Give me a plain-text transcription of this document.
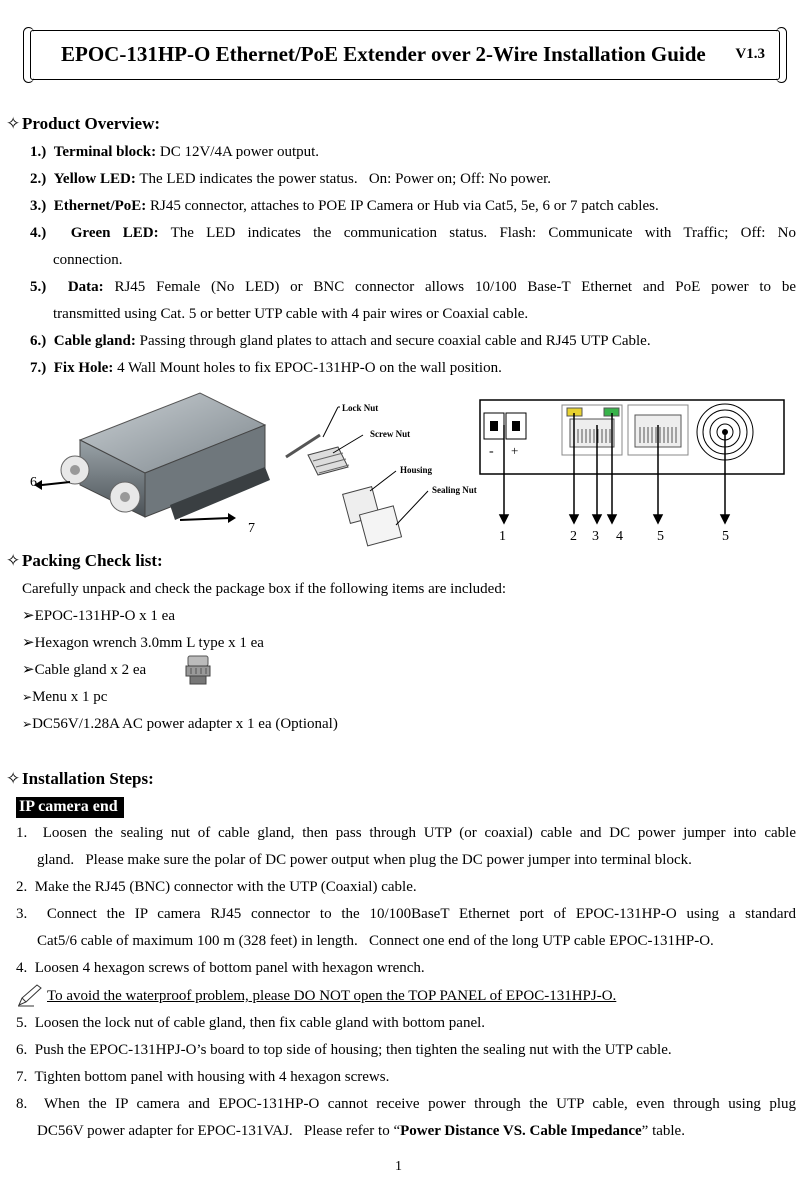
EPOC-131HP-O Ethernet/PoE Extender over 2-Wire Installation Guide V1.3
✧ Product Overview:
1.) Terminal block: DC 12V/4A power output.
2.) Yellow LED: The LED indicates the power status.   On: Power on; Off: No power.
3.) Ethernet/PoE: RJ45 connector, attaches to POE IP Camera or Hub via Cat5, 5e, 6 or 7 patch cables.
4.) Green LED: The LED indicates the communication status. Flash: Communicate with Traffic; Off: No
connection.
5.) Data: RJ45 Female (No LED) or BNC connector allows 10/100 Base-T Ethernet and PoE power to be
transmitted using Cat. 5 or better UTP cable with 4 pair wires or Coaxial cable.
6.) Cable gland: Passing through gland plates to attach and secure coaxial cable and RJ45 UTP Cable.
7.) Fix Hole: 4 Wall Mount holes to fix EPOC-131HP-O on the wall position.
6
7
Lock Nut
Screw Nut
Housing
Sealing Nut
- +
1	2 3 4 5	5
✧ Packing Check list:
Carefully unpack and check the package box if the following items are included:
➢EPOC-131HP-O x 1 ea
➢Hexagon wrench 3.0mm L type x 1 ea
➢Cable gland x 2 ea
➢Menu x 1 pc
➢DC56V/1.28A AC power adapter x 1 ea (Optional)
✧ Installation Steps:
IP camera end
1. Loosen the sealing nut of cable gland, then pass through UTP (or coaxial) cable and DC power jumper into cable
gland.   Please make sure the polar of DC power output when plug the DC power jumper into terminal block.
2. Make the RJ45 (BNC) connector with the UTP (Coaxial) cable.
3. Connect the IP camera RJ45 connector to the 10/100BaseT Ethernet port of EPOC-131HP-O using a standard
Cat5/6 cable of maximum 100 m (328 feet) in length.   Connect one end of the long UTP cable EPOC-131HP-O.
4. Loosen 4 hexagon screws of bottom panel with hexagon wrench.
To avoid the waterproof problem, please DO NOT open the TOP PANEL of EPOC-131HPJ-O.
5. Loosen the lock nut of cable gland, then fix cable gland with bottom panel.
6. Push the EPOC-131HPJ-O’s board to top side of housing; then tighten the sealing nut with the UTP cable.
7. Tighten bottom panel with housing with 4 hexagon screws.
8. When the IP camera and EPOC-131HP-O cannot receive power through the UTP cable, even through using plug
DC56V power adapter for EPOC-131VAJ.   Please refer to “Power Distance VS. Cable Impedance” table.
1
